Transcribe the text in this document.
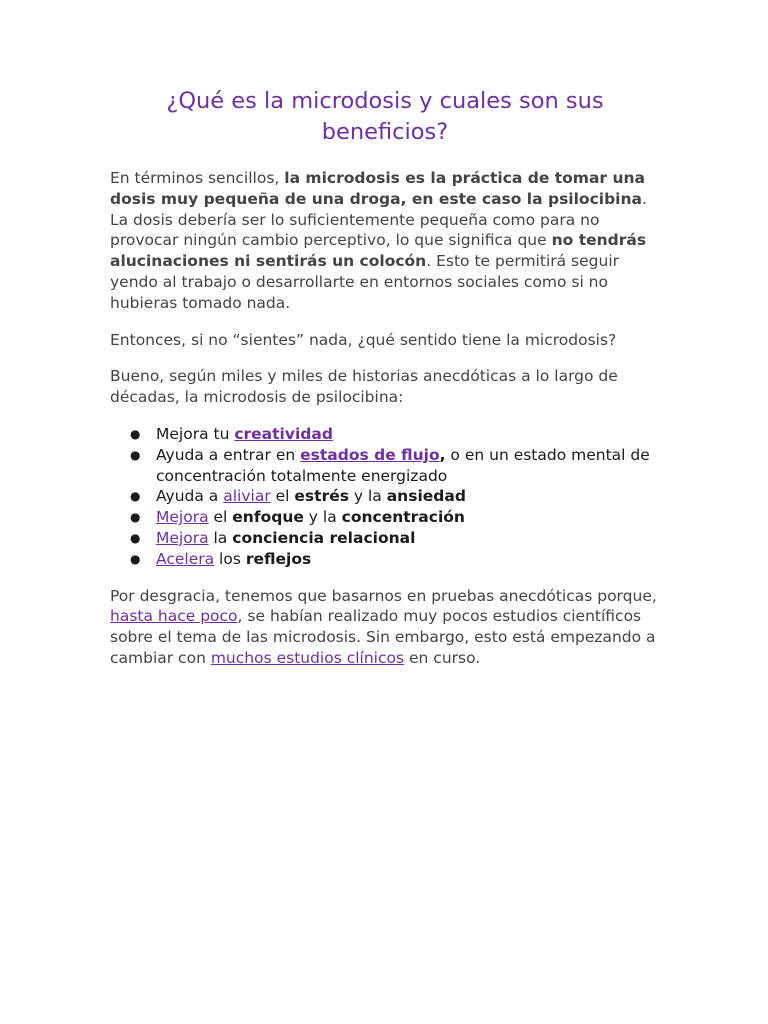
¿Qué es la microdosis y cuales son sus beneficios?

En términos sencillos, la microdosis es la práctica de tomar una dosis muy pequeña de una droga, en este caso la psilocibina. La dosis debería ser lo suficientemente pequeña como para no provocar ningún cambio perceptivo, lo que significa que no tendrás alucinaciones ni sentirás un colocón. Esto te permitirá seguir yendo al trabajo o desarrollarte en entornos sociales como si no hubieras tomado nada.

Entonces, si no “sientes” nada, ¿qué sentido tiene la microdosis?

Bueno, según miles y miles de historias anecdóticas a lo largo de décadas, la microdosis de psilocibina:

● Mejora tu creatividad
● Ayuda a entrar en estados de flujo, o en un estado mental de concentración totalmente energizado
● Ayuda a aliviar el estrés y la ansiedad
● Mejora el enfoque y la concentración
● Mejora la conciencia relacional
● Acelera los reflejos

Por desgracia, tenemos que basarnos en pruebas anecdóticas porque, hasta hace poco, se habían realizado muy pocos estudios científicos sobre el tema de las microdosis. Sin embargo, esto está empezando a cambiar con muchos estudios clínicos en curso.
